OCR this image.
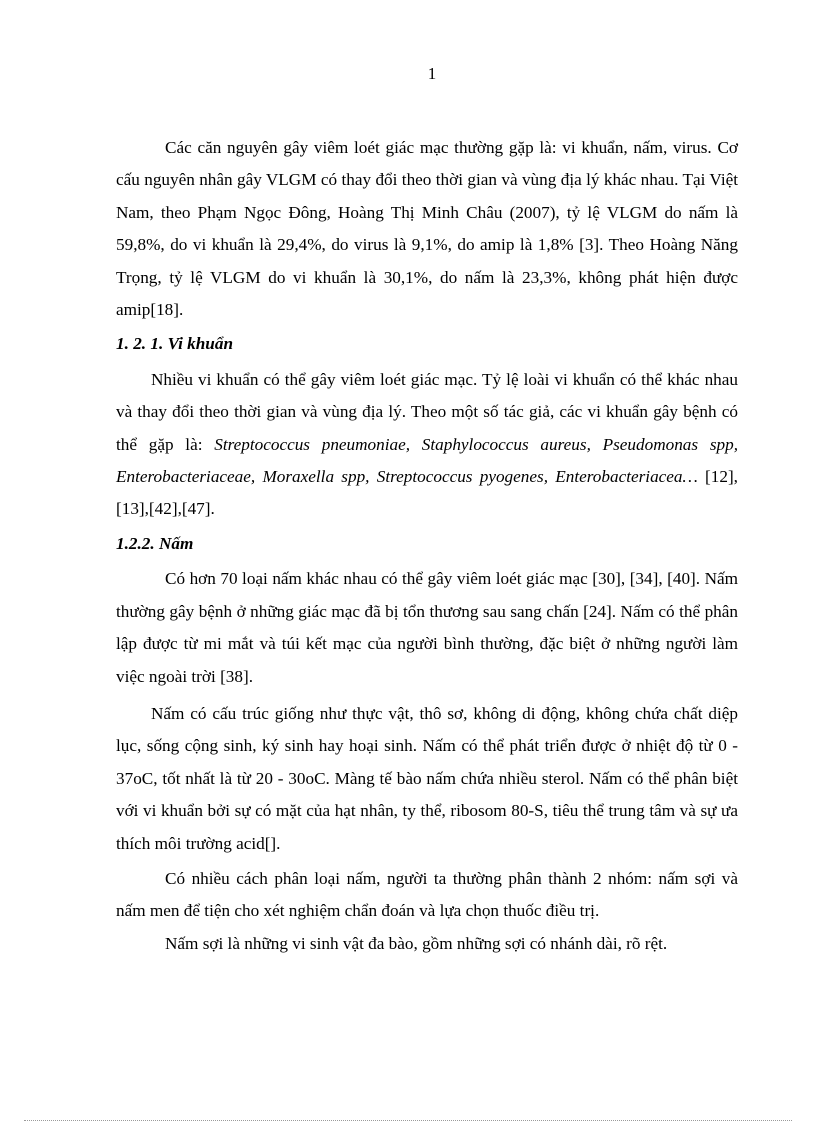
1

Các căn nguyên gây viêm loét giác mạc thường gặp là: vi khuẩn, nấm, virus. Cơ cấu nguyên nhân gây VLGM có thay đổi theo thời gian và vùng địa lý khác nhau. Tại Việt Nam, theo Phạm Ngọc Đông, Hoàng Thị Minh Châu (2007), tỷ lệ VLGM do nấm là 59,8%, do vi khuẩn là 29,4%, do virus là 9,1%, do amip là 1,8% [3]. Theo Hoàng Năng Trọng, tỷ lệ VLGM do vi khuẩn là 30,1%, do nấm là 23,3%, không phát hiện được amip[18].

1. 2. 1. Vi khuẩn

Nhiều vi khuẩn có thể gây viêm loét giác mạc. Tỷ lệ loài vi khuẩn có thể khác nhau và thay đổi theo thời gian và vùng địa lý. Theo một số tác giả, các vi khuẩn gây bệnh có thể gặp là: Streptococcus pneumoniae, Staphylococcus aureus, Pseudomonas spp, Enterobacteriaceae, Moraxella spp, Streptococcus pyogenes, Enterobacteriacea… [12],[13],[42],[47].

1.2.2. Nấm

Có hơn 70 loại nấm khác nhau có thể gây viêm loét giác mạc [30], [34], [40]. Nấm thường gây bệnh ở những giác mạc đã bị tổn thương sau sang chấn [24]. Nấm có thể phân lập được từ mi mắt và túi kết mạc của người bình thường, đặc biệt ở những người làm việc ngoài trời [38].

Nấm có cấu trúc giống như thực vật, thô sơ, không di động, không chứa chất diệp lục, sống cộng sinh, ký sinh hay hoại sinh. Nấm có thể phát triển được ở nhiệt độ từ 0 - 37oC, tốt nhất là từ 20 - 30oC. Màng tế bào nấm chứa nhiều sterol. Nấm có thể phân biệt với vi khuẩn bởi sự có mặt của hạt nhân, ty thể, ribosom 80-S, tiêu thể trung tâm và sự ưa thích môi trường acid[].

Có nhiều cách phân loại nấm, người ta thường phân thành 2 nhóm: nấm sợi và nấm men để tiện cho xét nghiệm chẩn đoán và lựa chọn thuốc điều trị.

Nấm sợi là những vi sinh vật đa bào, gồm những sợi có nhánh dài, rõ rệt.
